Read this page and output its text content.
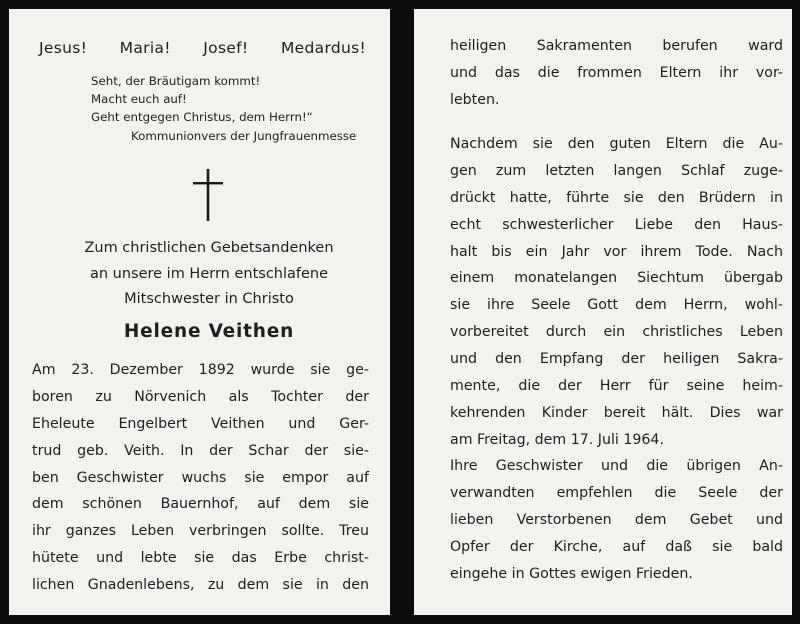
Jesus! Maria! Josef! Medardus!
Seht, der Bräutigam kommt!
Macht euch auf!
Geht entgegen Christus, dem Herrn!“
Kommunionvers der Jungfrauenmesse
Zum christlichen Gebetsandenken
an unsere im Herrn entschlafene
Mitschwester in Christo
Helene Veithen
Am 23. Dezember 1892 wurde sie ge-
boren zu Nörvenich als Tochter der
Eheleute Engelbert Veithen und Ger-
trud geb. Veith. In der Schar der sie-
ben Geschwister wuchs sie empor auf
dem schönen Bauernhof, auf dem sie
ihr ganzes Leben verbringen sollte. Treu
hütete und lebte sie das Erbe christ-
lichen Gnadenlebens, zu dem sie in den
heiligen Sakramenten berufen ward
und das die frommen Eltern ihr vor-
lebten.
Nachdem sie den guten Eltern die Au-
gen zum letzten langen Schlaf zuge-
drückt hatte, führte sie den Brüdern in
echt schwesterlicher Liebe den Haus-
halt bis ein Jahr vor ihrem Tode. Nach
einem monatelangen Siechtum übergab
sie ihre Seele Gott dem Herrn, wohl-
vorbereitet durch ein christliches Leben
und den Empfang der heiligen Sakra-
mente, die der Herr für seine heim-
kehrenden Kinder bereit hält. Dies war
am Freitag, dem 17. Juli 1964.
Ihre Geschwister und die übrigen An-
verwandten empfehlen die Seele der
lieben Verstorbenen dem Gebet und
Opfer der Kirche, auf daß sie bald
eingehe in Gottes ewigen Frieden.
